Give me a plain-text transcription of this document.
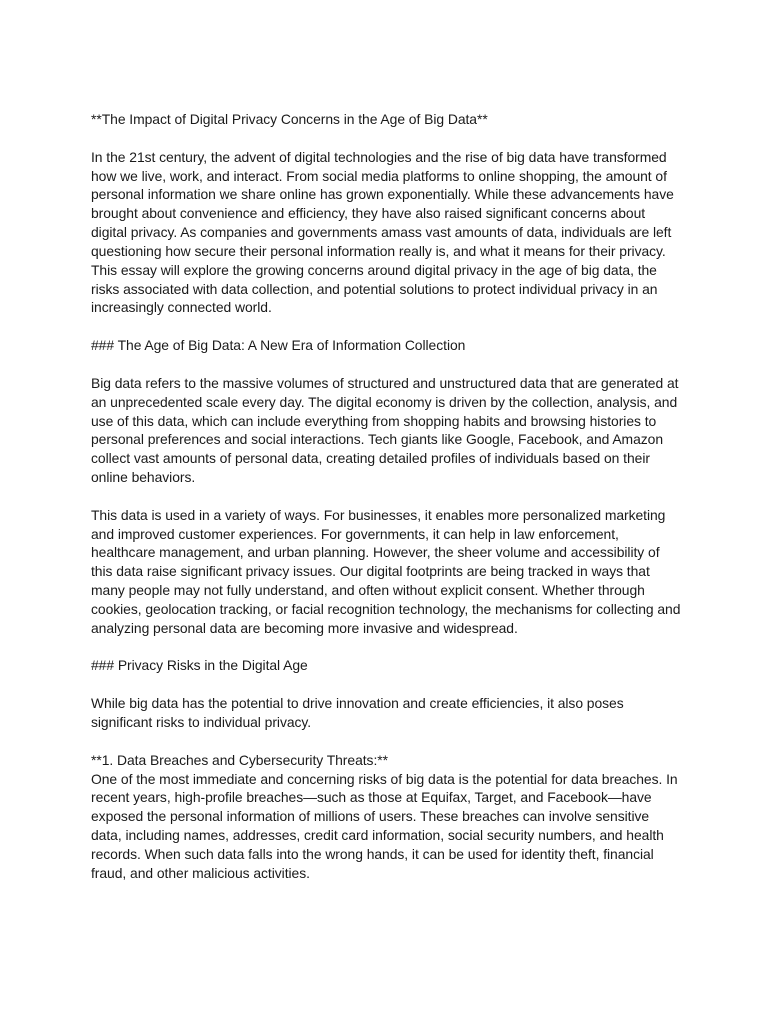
**The Impact of Digital Privacy Concerns in the Age of Big Data**

In the 21st century, the advent of digital technologies and the rise of big data have transformed how we live, work, and interact. From social media platforms to online shopping, the amount of personal information we share online has grown exponentially. While these advancements have brought about convenience and efficiency, they have also raised significant concerns about digital privacy. As companies and governments amass vast amounts of data, individuals are left questioning how secure their personal information really is, and what it means for their privacy. This essay will explore the growing concerns around digital privacy in the age of big data, the risks associated with data collection, and potential solutions to protect individual privacy in an increasingly connected world.

### The Age of Big Data: A New Era of Information Collection

Big data refers to the massive volumes of structured and unstructured data that are generated at an unprecedented scale every day. The digital economy is driven by the collection, analysis, and use of this data, which can include everything from shopping habits and browsing histories to personal preferences and social interactions. Tech giants like Google, Facebook, and Amazon collect vast amounts of personal data, creating detailed profiles of individuals based on their online behaviors.

This data is used in a variety of ways. For businesses, it enables more personalized marketing and improved customer experiences. For governments, it can help in law enforcement, healthcare management, and urban planning. However, the sheer volume and accessibility of this data raise significant privacy issues. Our digital footprints are being tracked in ways that many people may not fully understand, and often without explicit consent. Whether through cookies, geolocation tracking, or facial recognition technology, the mechanisms for collecting and analyzing personal data are becoming more invasive and widespread.

### Privacy Risks in the Digital Age

While big data has the potential to drive innovation and create efficiencies, it also poses significant risks to individual privacy.

**1. Data Breaches and Cybersecurity Threats:**

One of the most immediate and concerning risks of big data is the potential for data breaches. In recent years, high-profile breaches—such as those at Equifax, Target, and Facebook—have exposed the personal information of millions of users. These breaches can involve sensitive data, including names, addresses, credit card information, social security numbers, and health records. When such data falls into the wrong hands, it can be used for identity theft, financial fraud, and other malicious activities.
